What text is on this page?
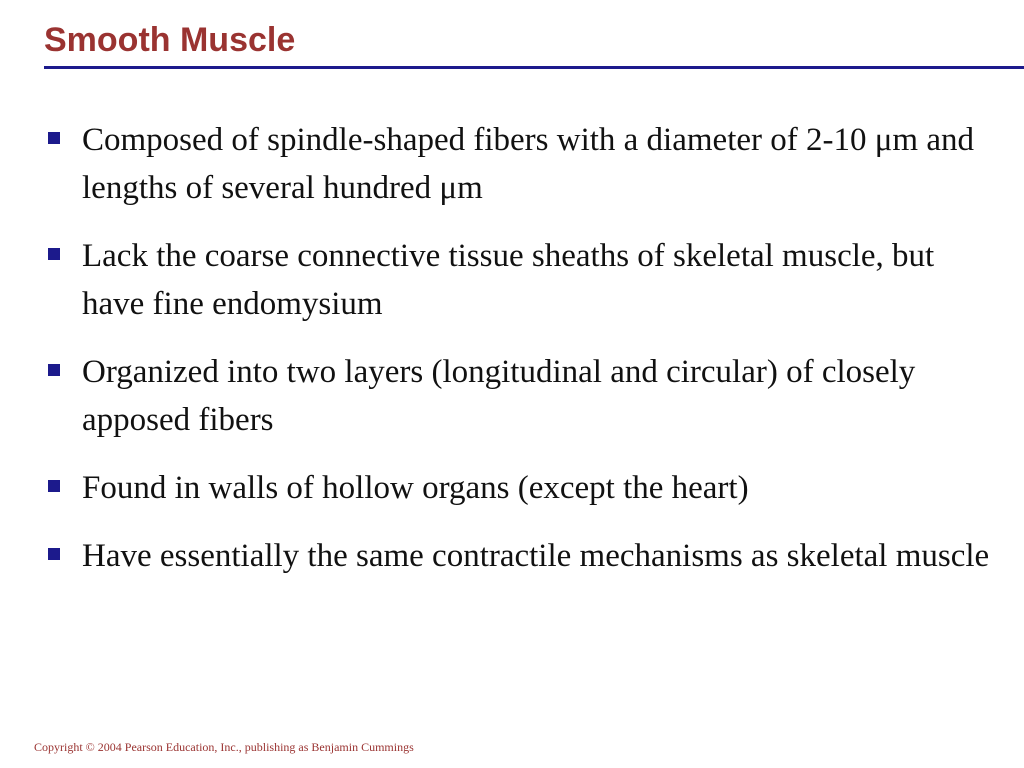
Smooth Muscle
Composed of spindle-shaped fibers with a diameter of 2-10 μm and lengths of several hundred μm
Lack the coarse connective tissue sheaths of skeletal muscle, but have fine endomysium
Organized into two layers (longitudinal and circular) of closely apposed fibers
Found in walls of hollow organs (except the heart)
Have essentially the same contractile mechanisms as skeletal muscle
Copyright © 2004 Pearson Education, Inc., publishing as Benjamin Cummings
